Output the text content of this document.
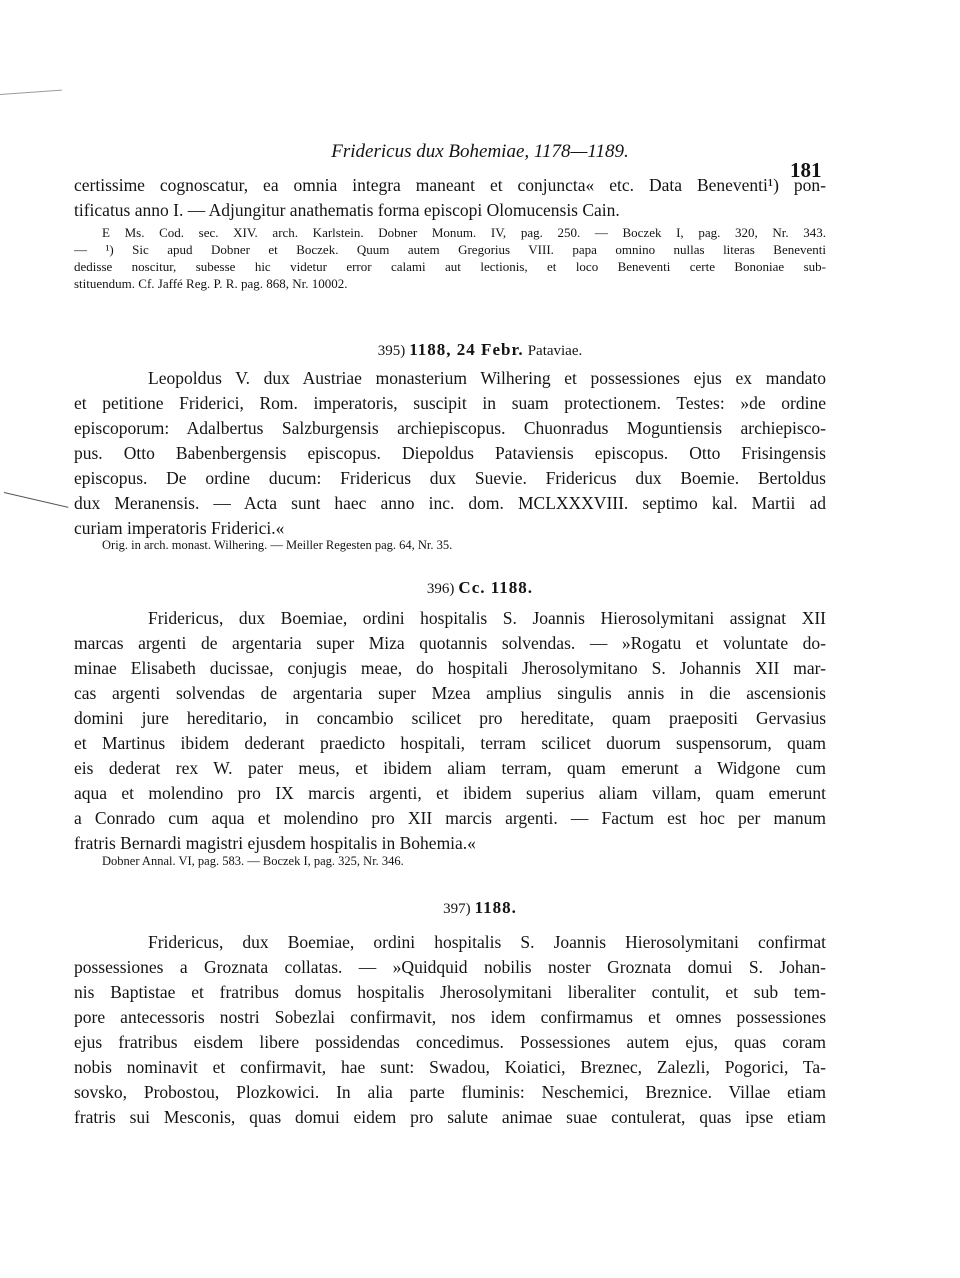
Fridericus dux Bohemiae, 1178—1189.
181
certissime cognoscatur, ea omnia integra maneant et conjuncta« etc. Data Beneventi¹) pon-
tificatus anno I. — Adjungitur anathematis forma episcopi Olomucensis Cain.
E Ms. Cod. sec. XIV. arch. Karlstein. Dobner Monum. IV, pag. 250. — Boczek I, pag. 320, Nr. 343.
— ¹) Sic apud Dobner et Boczek. Quum autem Gregorius VIII. papa omnino nullas literas Beneventi
dedisse noscitur, subesse hic videtur error calami aut lectionis, et loco Beneventi certe Bononiae sub-
stituendum. Cf. Jaffé Reg. P. R. pag. 868, Nr. 10002.
395) 1188, 24 Febr. Pataviae.
Leopoldus V. dux Austriae monasterium Wilhering et possessiones ejus ex mandato
et petitione Friderici, Rom. imperatoris, suscipit in suam protectionem. Testes: »de ordine
episcoporum: Adalbertus Salzburgensis archiepiscopus. Chuonradus Moguntiensis archiepisco-
pus. Otto Babenbergensis episcopus. Diepoldus Pataviensis episcopus. Otto Frisingensis
episcopus. De ordine ducum: Fridericus dux Suevie. Fridericus dux Boemie. Bertoldus
dux Meranensis. — Acta sunt haec anno inc. dom. MCLXXXVIII. septimo kal. Martii ad
curiam imperatoris Friderici.«
Orig. in arch. monast. Wilhering. — Meiller Regesten pag. 64, Nr. 35.
396) Cc. 1188.
Fridericus, dux Boemiae, ordini hospitalis S. Joannis Hierosolymitani assignat XII
marcas argenti de argentaria super Miza quotannis solvendas. — »Rogatu et voluntate do-
minae Elisabeth ducissae, conjugis meae, do hospitali Jherosolymitano S. Johannis XII mar-
cas argenti solvendas de argentaria super Mzea amplius singulis annis in die ascensionis
domini jure hereditario, in concambio scilicet pro hereditate, quam praepositi Gervasius
et Martinus ibidem dederant praedicto hospitali, terram scilicet duorum suspensorum, quam
eis dederat rex W. pater meus, et ibidem aliam terram, quam emerunt a Widgone cum
aqua et molendino pro IX marcis argenti, et ibidem superius aliam villam, quam emerunt
a Conrado cum aqua et molendino pro XII marcis argenti. — Factum est hoc per manum
fratris Bernardi magistri ejusdem hospitalis in Bohemia.«
Dobner Annal. VI, pag. 583. — Boczek I, pag. 325, Nr. 346.
397) 1188.
Fridericus, dux Boemiae, ordini hospitalis S. Joannis Hierosolymitani confirmat
possessiones a Groznata collatas. — »Quidquid nobilis noster Groznata domui S. Johan-
nis Baptistae et fratribus domus hospitalis Jherosolymitani liberaliter contulit, et sub tem-
pore antecessoris nostri Sobezlai confirmavit, nos idem confirmamus et omnes possessiones
ejus fratribus eisdem libere possidendas concedimus. Possessiones autem ejus, quas coram
nobis nominavit et confirmavit, hae sunt: Swadou, Koiatici, Breznec, Zalezli, Pogorici, Ta-
sovsko, Probostou, Plozkowici. In alia parte fluminis: Neschemici, Breznice. Villae etiam
fratris sui Mesconis, quas domui eidem pro salute animae suae contulerat, quas ipse etiam
